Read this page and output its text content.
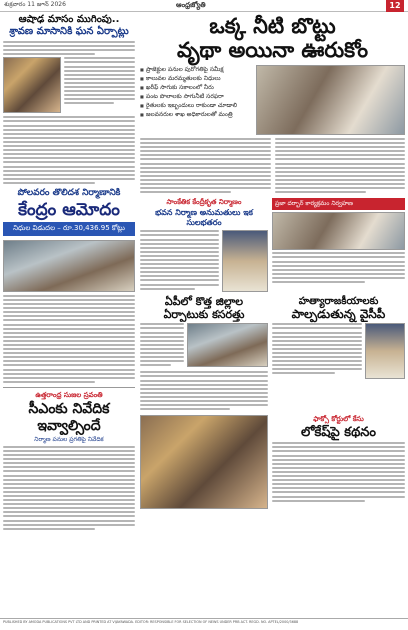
శుక్రవారం 11 జూన్ 2026	ఆంధ్రజ్యోతి	12
ఆషాఢ మాసం ముగింపు..
శ్రావణ మాసానికి ఘన ఏర్పాట్లు
పోలవరం తొలిదశ నిర్మాణానికి
కేంద్రం ఆమోదం
నిధుల విడుదల – రూ.30,436.95 కోట్లు
ఉత్తరాంధ్ర సుజల స్రవంతి
సీఎంకు నివేదిక ఇవ్వాల్సిందే
నిర్మాణ పనుల ప్రగతిపై నివేదిక
ఒక్క నీటి బొట్టు
వృథా అయినా ఊరుకోం
■ ప్రాజెక్టుల పనుల పురోగతిపై సమీక్ష
■ కాలువల మరమ్మతులకు నిధులు
■ ఖరీఫ్ సాగుకు సకాలంలో నీరు
■ పంట పొలాలకు సాగునీటి సరఫరా
■ రైతులకు ఇబ్బందులు రాకుండా చూడాలి
■ జలవనరుల శాఖ అధికారులతో మంత్రి
సాంకేతిక కేంద్రీకృత నిర్మాణం
భవన నిర్మాణ అనుమతులు ఇక సులభతరం
ప్రజా దర్బార్ కార్యక్రమం నిర్వహణ
ఏపీలో కొత్త జిల్లాల
ఏర్పాటుకు కసరత్తు
హత్యారాజకీయాలకు
పాల్పడుతున్న వైసీపీ
ఫాక్సో కోర్టులో కేసు
లోకేష్‌పై కథనం
PUBLISHED BY AMODA PUBLICATIONS PVT LTD AND PRINTED AT VIJAYAWADA. EDITOR: RESPONSIBLE FOR SELECTION OF NEWS UNDER PRB ACT. REGD. NO. APTEL/2000/3688
